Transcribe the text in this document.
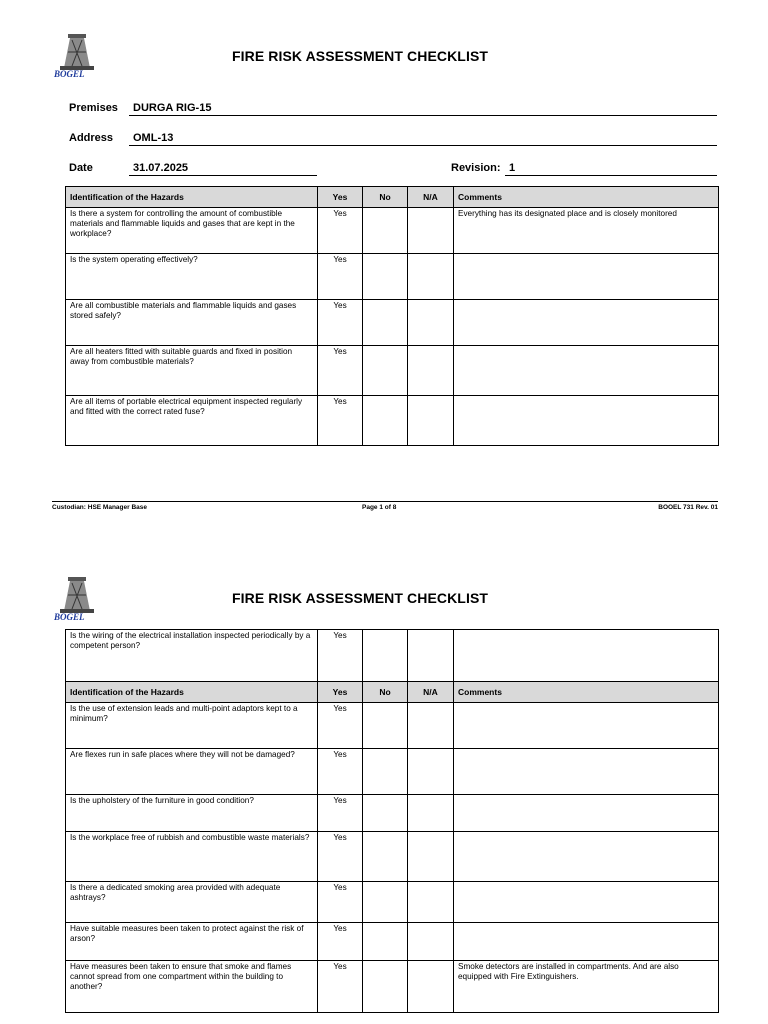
BOGEL
FIRE RISK ASSESSMENT CHECKLIST
Premises	DURGA RIG-15
Address	OML-13
Date	31.07.2025	Revision: 1
Identification of the Hazards	Yes	No	N/A	Comments
Is there a system for controlling the amount of combustible materials and flammable liquids and gases that are kept in the workplace?	Yes			Everything has its designated place and is closely monitored
Is the system operating effectively?	Yes			
Are all combustible materials and flammable liquids and gases stored safely?	Yes			
Are all heaters fitted with suitable guards and fixed in position away from combustible materials?	Yes			
Are all items of portable electrical equipment inspected regularly and fitted with the correct rated fuse?	Yes			
Custodian: HSE Manager Base	Page 1 of 8	BOOEL 731 Rev. 01
BOGEL
FIRE RISK ASSESSMENT CHECKLIST
Is the wiring of the electrical installation inspected periodically by a competent person?	Yes			
Identification of the Hazards	Yes	No	N/A	Comments
Is the use of extension leads and multi-point adaptors kept to a minimum?	Yes			
Are flexes run in safe places where they will not be damaged?	Yes			
Is the upholstery of the furniture in good condition?	Yes			
Is the workplace free of rubbish and combustible waste materials?	Yes			
Is there a dedicated smoking area provided with adequate ashtrays?	Yes			
Have suitable measures been taken to protect against the risk of arson?	Yes			
Have measures been taken to ensure that smoke and flames cannot spread from one compartment within the building to another?	Yes			Smoke detectors are installed in compartments. And are also equipped with Fire Extinguishers.
